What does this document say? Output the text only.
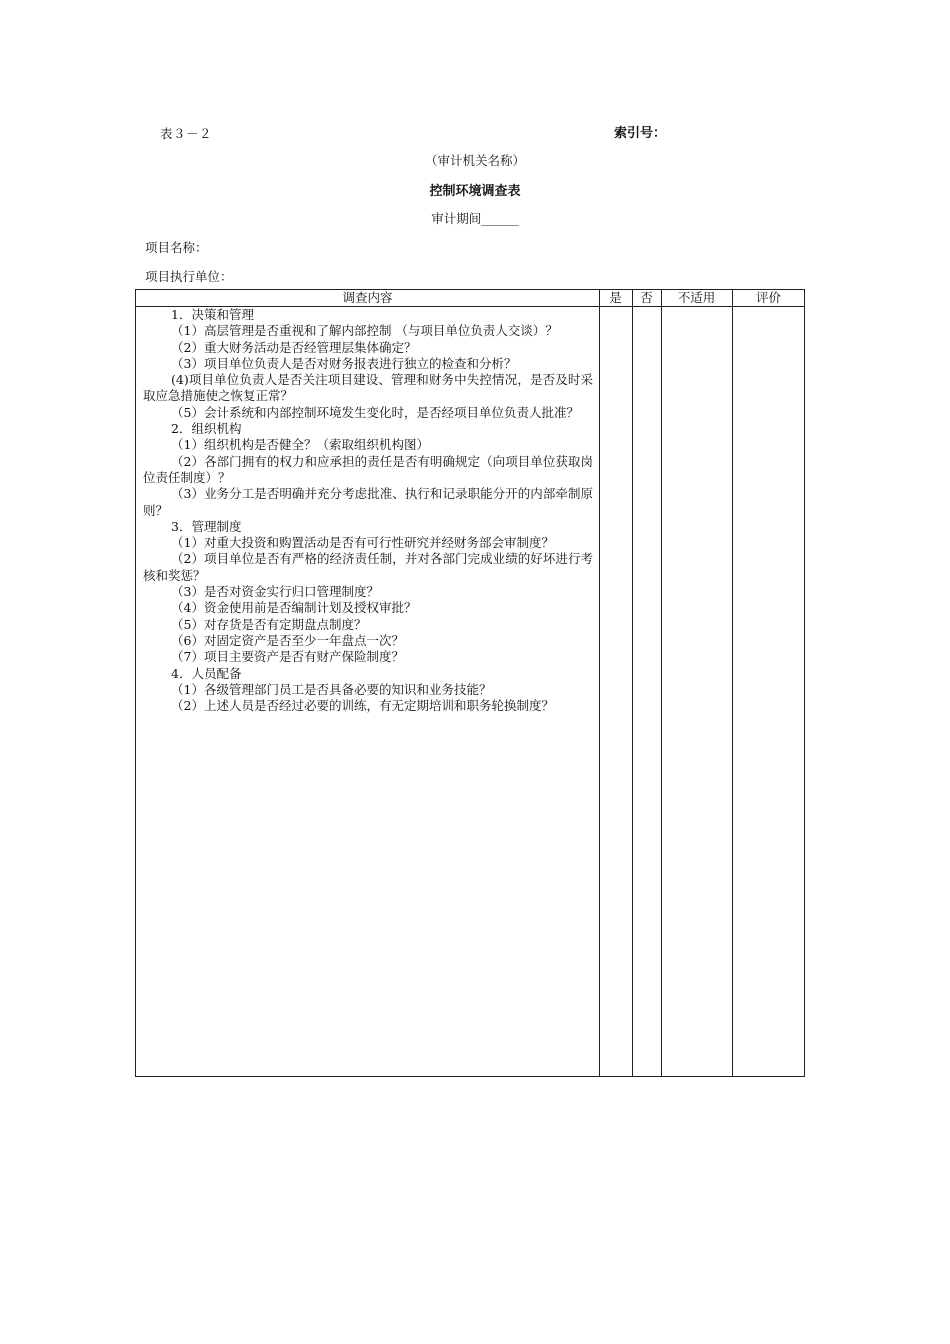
表３－２	索引号：
（审计机关名称）
控制环境调查表
审计期间______
项目名称：
项目执行单位：
调查内容	是	否	不适用	评价
1．决策和管理
（1）高层管理是否重视和了解内部控制 （与项目单位负责人交谈）？
（2）重大财务活动是否经管理层集体确定？
（3）项目单位负责人是否对财务报表进行独立的检查和分析？
(4)项目单位负责人是否关注项目建设、管理和财务中失控情况，是否及时采取应急措施使之恢复正常？
（5）会计系统和内部控制环境发生变化时，是否经项目单位负责人批准？
2．组织机构
（1）组织机构是否健全？（索取组织机构图）
（2）各部门拥有的权力和应承担的责任是否有明确规定（向项目单位获取岗位责任制度）？
（3）业务分工是否明确并充分考虑批准、执行和记录职能分开的内部牵制原则？
3．管理制度
（1）对重大投资和购置活动是否有可行性研究并经财务部会审制度？
（2）项目单位是否有严格的经济责任制，并对各部门完成业绩的好坏进行考核和奖惩？
（3）是否对资金实行归口管理制度？
（4）资金使用前是否编制计划及授权审批？
（5）对存货是否有定期盘点制度？
（6）对固定资产是否至少一年盘点一次？
（7）项目主要资产是否有财产保险制度？
4．人员配备
（1）各级管理部门员工是否具备必要的知识和业务技能？
（2）上述人员是否经过必要的训练，有无定期培训和职务轮换制度？
